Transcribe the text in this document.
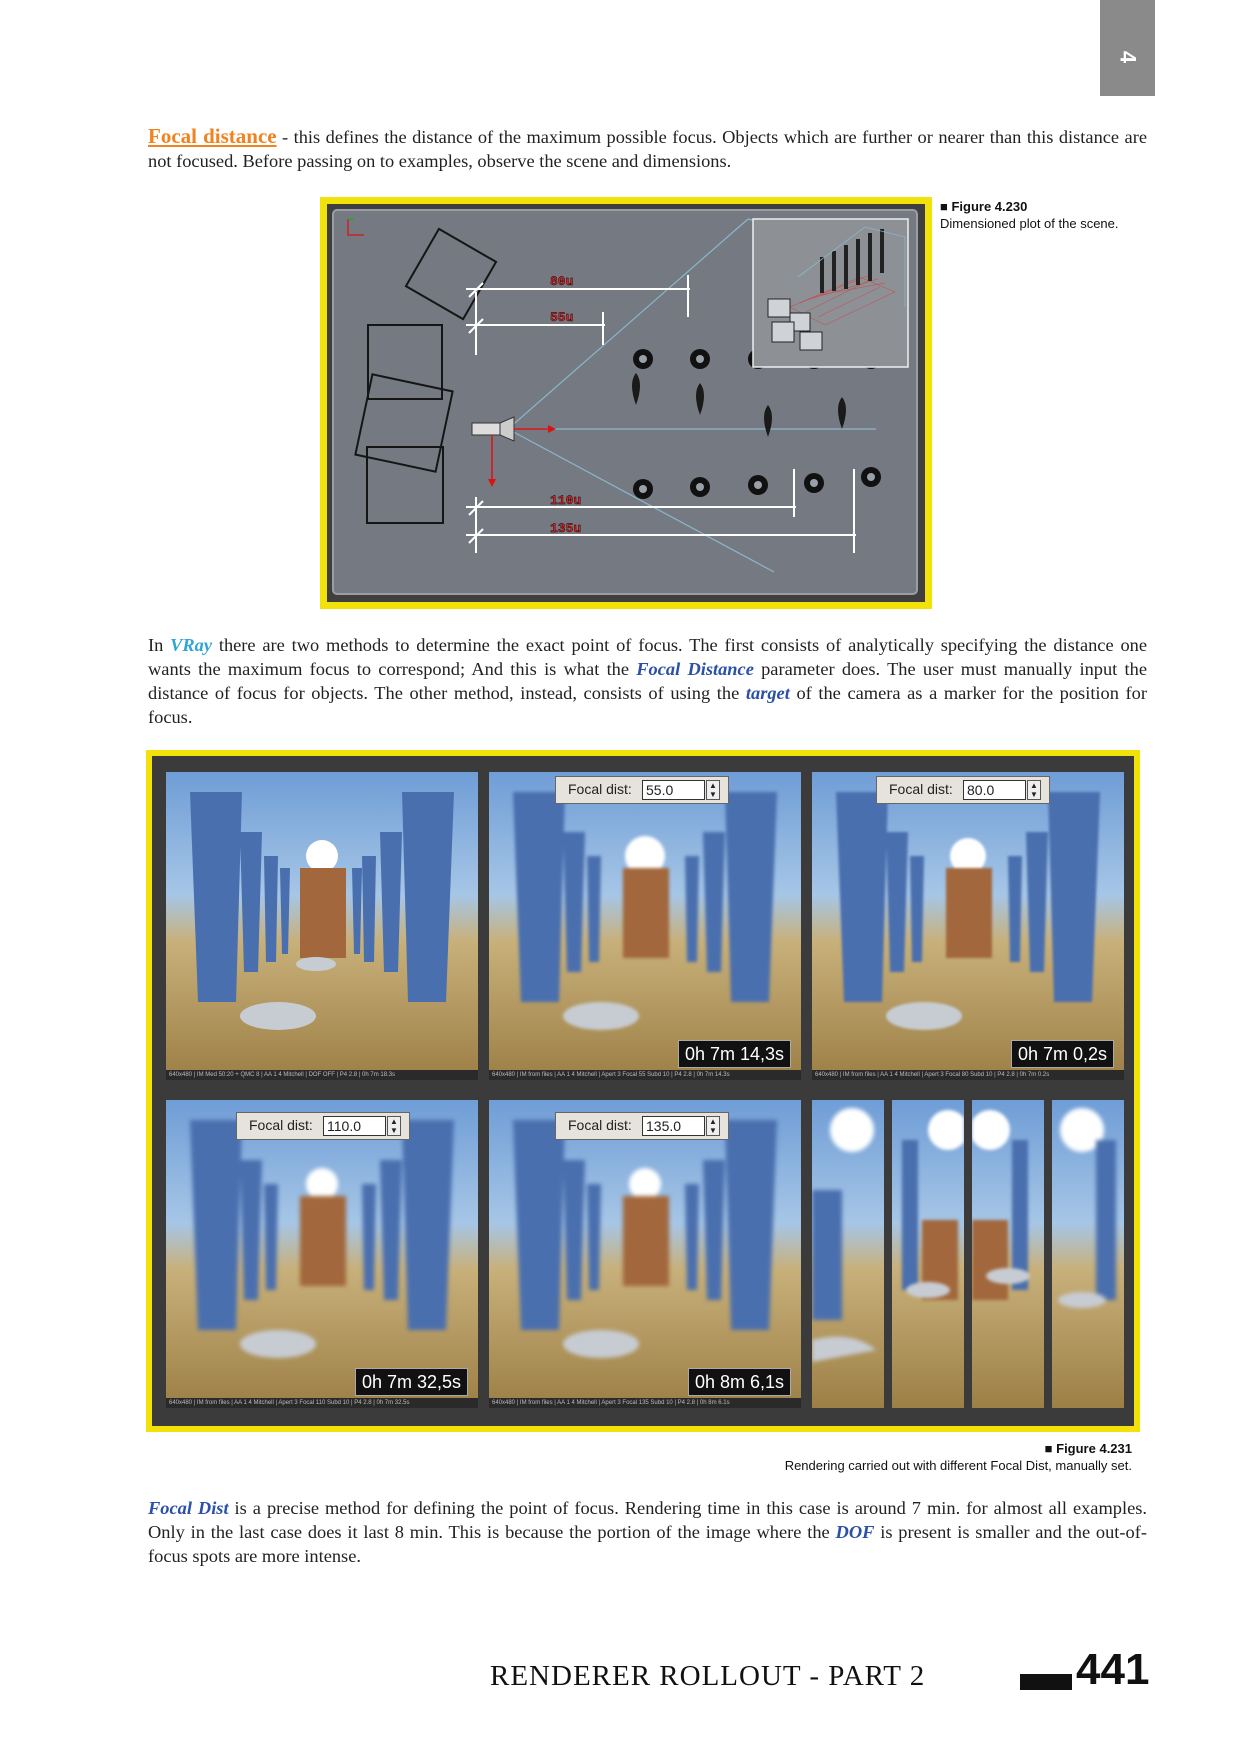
4
Focal distance - this defines the distance of the maximum possible focus. Objects which are further or nearer than this distance are not focused. Before passing on to examples, observe the scene and dimensions.
80u
55u
110u
135u
■ Figure 4.230
Dimensioned plot of the scene.
In VRay there are two methods to determine the exact point of focus. The first consists of analytically specifying the distance one wants the maximum focus to correspond; And this is what the Focal Distance parameter does. The user must manually input the distance of focus for objects. The other method, instead, consists of using the target of the camera as a marker for the position for focus.
640x480 | IM Med 50:20 + QMC 8 | AA 1 4 Mitchell | DOF OFF | P4 2.8 | 0h 7m 18.3s
Focal dist: 55.0	▲
▼
0h 7m 14,3s
640x480 | IM from files | AA 1 4 Mitchell | Apert 3 Focal 55 Subd 10 | P4 2.8 | 0h 7m 14.3s
Focal dist: 80.0	▲
▼
0h 7m 0,2s
640x480 | IM from files | AA 1 4 Mitchell | Apert 3 Focal 80 Subd 10 | P4 2.8 | 0h 7m 0.2s
Focal dist: 110.0	▲
▼
0h 7m 32,5s
640x480 | IM from files | AA 1 4 Mitchell | Apert 3 Focal 110 Subd 10 | P4 2.8 | 0h 7m 32.5s
Focal dist: 135.0	▲
▼
0h 8m 6,1s
640x480 | IM from files | AA 1 4 Mitchell | Apert 3 Focal 135 Subd 10 | P4 2.8 | 0h 8m 6.1s
■ Figure 4.231
Rendering carried out with different Focal Dist, manually set.
Focal Dist is a precise method for defining the point of focus. Rendering time in this case is around 7 min. for almost all examples. Only in the last case does it last 8 min. This is because the portion of the image where the DOF is present is smaller and the out-of-focus spots are more intense.
RENDERER ROLLOUT - PART 2	441
